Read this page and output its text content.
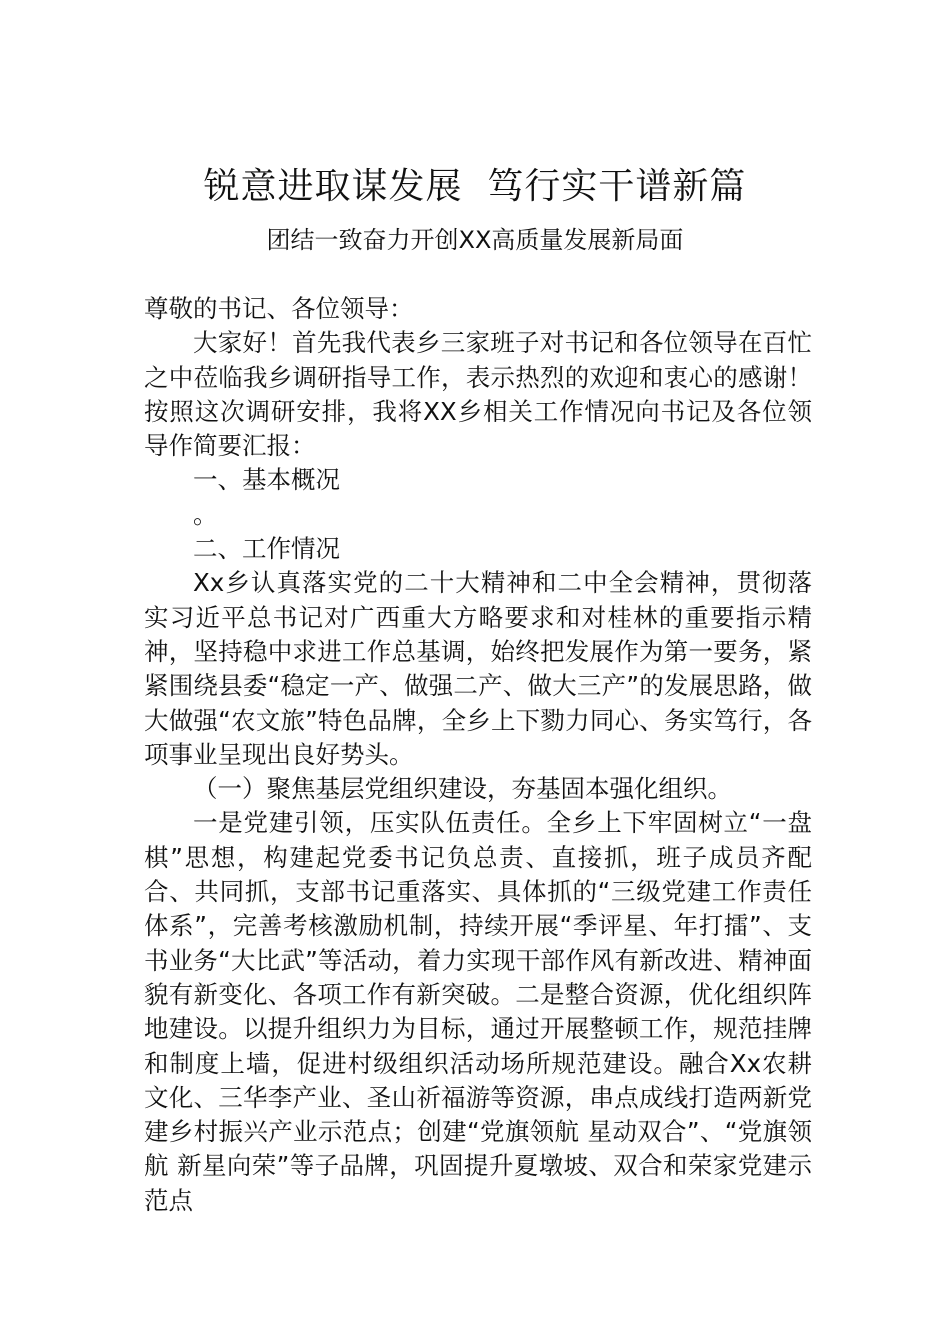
锐意进取谋发展  笃行实干谱新篇
团结一致奋力开创XX高质量发展新局面

尊敬的书记、各位领导：

大家好！首先我代表乡三家班子对书记和各位领导在百忙之中莅临我乡调研指导工作，表示热烈的欢迎和衷心的感谢！按照这次调研安排，我将XX乡相关工作情况向书记及各位领导作简要汇报：

一、基本概况

。

二、工作情况

Xx乡认真落实党的二十大精神和二中全会精神，贯彻落实习近平总书记对广西重大方略要求和对桂林的重要指示精神，坚持稳中求进工作总基调，始终把发展作为第一要务，紧紧围绕县委“稳定一产、做强二产、做大三产”的发展思路，做大做强“农文旅”特色品牌，全乡上下勠力同心、务实笃行，各项事业呈现出良好势头。

（一）聚焦基层党组织建设，夯基固本强化组织。

一是党建引领，压实队伍责任。全乡上下牢固树立“一盘棋”思想，构建起党委书记负总责、直接抓，班子成员齐配合、共同抓，支部书记重落实、具体抓的“三级党建工作责任体系”，完善考核激励机制，持续开展“季评星、年打擂”、支书业务“大比武”等活动，着力实现干部作风有新改进、精神面貌有新变化、各项工作有新突破。二是整合资源，优化组织阵地建设。以提升组织力为目标，通过开展整顿工作，规范挂牌和制度上墙，促进村级组织活动场所规范建设。融合Xx农耕文化、三华李产业、圣山祈福游等资源，串点成线打造两新党建乡村振兴产业示范点；创建“党旗领航 星动双合”、“党旗领航 新星向荣”等子品牌，巩固提升夏墩坡、双合和荣家党建示范点
